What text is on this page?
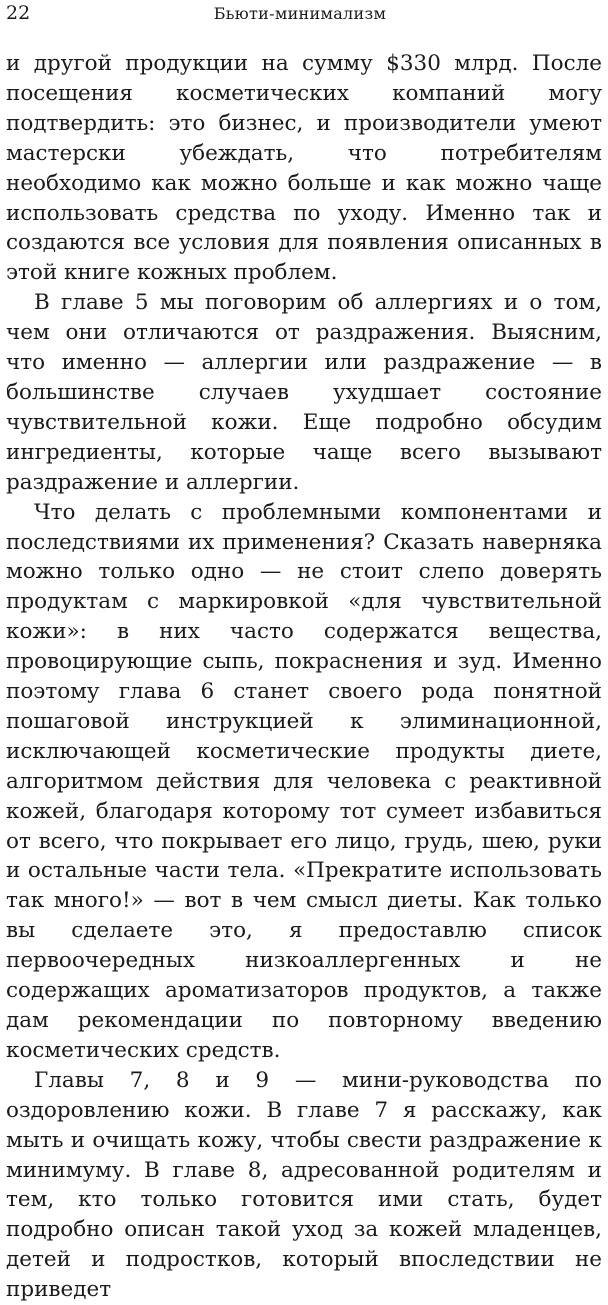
22	Бьюти-минимализм

и другой продукции на сумму $330 млрд. После посещения косметических компаний могу подтвердить: это бизнес, и производители умеют мастерски убеждать, что потребителям необходимо как можно больше и как можно чаще использовать средства по уходу. Именно так и создаются все условия для появления описанных в этой книге кожных проблем.

В главе 5 мы поговорим об аллергиях и о том, чем они отличаются от раздражения. Выясним, что именно — аллергии или раздражение — в большинстве случаев ухудшает состояние чувствительной кожи. Еще подробно обсудим ингредиенты, которые чаще всего вызывают раздражение и аллергии.

Что делать с проблемными компонентами и последствиями их применения? Сказать наверняка можно только одно — не стоит слепо доверять продуктам с маркировкой «для чувствительной кожи»: в них часто содержатся вещества, провоцирующие сыпь, покраснения и зуд. Именно поэтому глава 6 станет своего рода понятной пошаговой инструкцией к элиминационной, исключающей косметические продукты диете, алгоритмом действия для человека с реактивной кожей, благодаря которому тот сумеет избавиться от всего, что покрывает его лицо, грудь, шею, руки и остальные части тела. «Прекратите использовать так много!» — вот в чем смысл диеты. Как только вы сделаете это, я предоставлю список первоочередных низкоаллергенных и не содержащих ароматизаторов продуктов, а также дам рекомендации по повторному введению косметических средств.

Главы 7, 8 и 9 — мини-руководства по оздоровлению кожи. В главе 7 я расскажу, как мыть и очищать кожу, чтобы свести раздражение к минимуму. В главе 8, адресованной родителям и тем, кто только готовится ими стать, будет подробно описан такой уход за кожей младенцев, детей и подростков, который впоследствии не приведет
